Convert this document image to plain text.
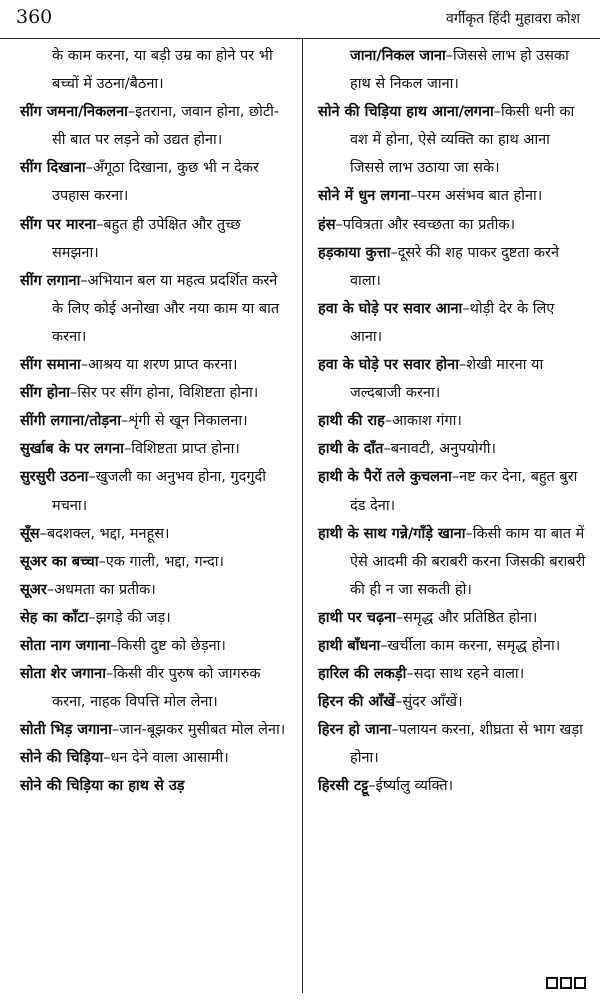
360	वर्गीकृत हिंदी मुहावरा कोश

के काम करना, या बड़ी उम्र का होने पर भी बच्चों में उठना/बैठना।

सींग जमना/निकलना–इतराना, जवान होना, छोटी-सी बात पर लड़ने को उद्यत होना।

सींग दिखाना–अँगूठा दिखाना, कुछ भी न देकर उपहास करना।

सींग पर मारना–बहुत ही उपेक्षित और तुच्छ समझना।

सींग लगाना–अभियान बल या महत्व प्रदर्शित करने के लिए कोई अनोखा और नया काम या बात करना।

सींग समाना–आश्रय या शरण प्राप्त करना।

सींग होना–सिर पर सींग होना, विशिष्टता होना।

सींगी लगाना/तोड़ना–शृंगी से खून निकालना।

सुर्खाब के पर लगना–विशिष्टता प्राप्त होना।

सुरसुरी उठना–खुजली का अनुभव होना, गुदगुदी मचना।

सूँस–बदशक्ल, भद्दा, मनहूस।

सूअर का बच्चा–एक गाली, भद्दा, गन्दा।

सूअर–अधमता का प्रतीक।

सेह का काँटा–झगड़े की जड़।

सोता नाग जगाना–किसी दुष्ट को छेड़ना।

सोता शेर जगाना–किसी वीर पुरुष को जागरुक करना, नाहक विपत्ति मोल लेना।

सोती भिड़ जगाना–जान-बूझकर मुसीबत मोल लेना।

सोने की चिड़िया–धन देने वाला आसामी।

सोने की चिड़िया का हाथ से उड़

जाना/निकल जाना–जिससे लाभ हो उसका हाथ से निकल जाना।

सोने की चिड़िया हाथ आना/लगना–किसी धनी का वश में होना, ऐसे व्यक्ति का हाथ आना जिससे लाभ उठाया जा सके।

सोने में धुन लगना–परम असंभव बात होना।

हंस–पवित्रता और स्वच्छता का प्रतीक।

हड़काया कुत्ता–दूसरे की शह पाकर दुष्टता करने वाला।

हवा के घोड़े पर सवार आना–थोड़ी देर के लिए आना।

हवा के घोड़े पर सवार होना–शेखी मारना या जल्दबाजी करना।

हाथी की राह–आकाश गंगा।

हाथी के दाँत–बनावटी, अनुपयोगी।

हाथी के पैरों तले कुचलना–नष्ट कर देना, बहुत बुरा दंड देना।

हाथी के साथ गन्ने/गाँड़े खाना–किसी काम या बात में ऐसे आदमी की बराबरी करना जिसकी बराबरी की ही न जा सकती हो।

हाथी पर चढ़ना–समृद्ध और प्रतिष्ठित होना।

हाथी बाँधना–खर्चीला काम करना, समृद्ध होना।

हारिल की लकड़ी–सदा साथ रहने वाला।

हिरन की आँखें–सुंदर आँखें।

हिरन हो जाना–पलायन करना, शीघ्रता से भाग खड़ा होना।

हिरसी टट्टू–ईर्ष्यालु व्यक्ति।
